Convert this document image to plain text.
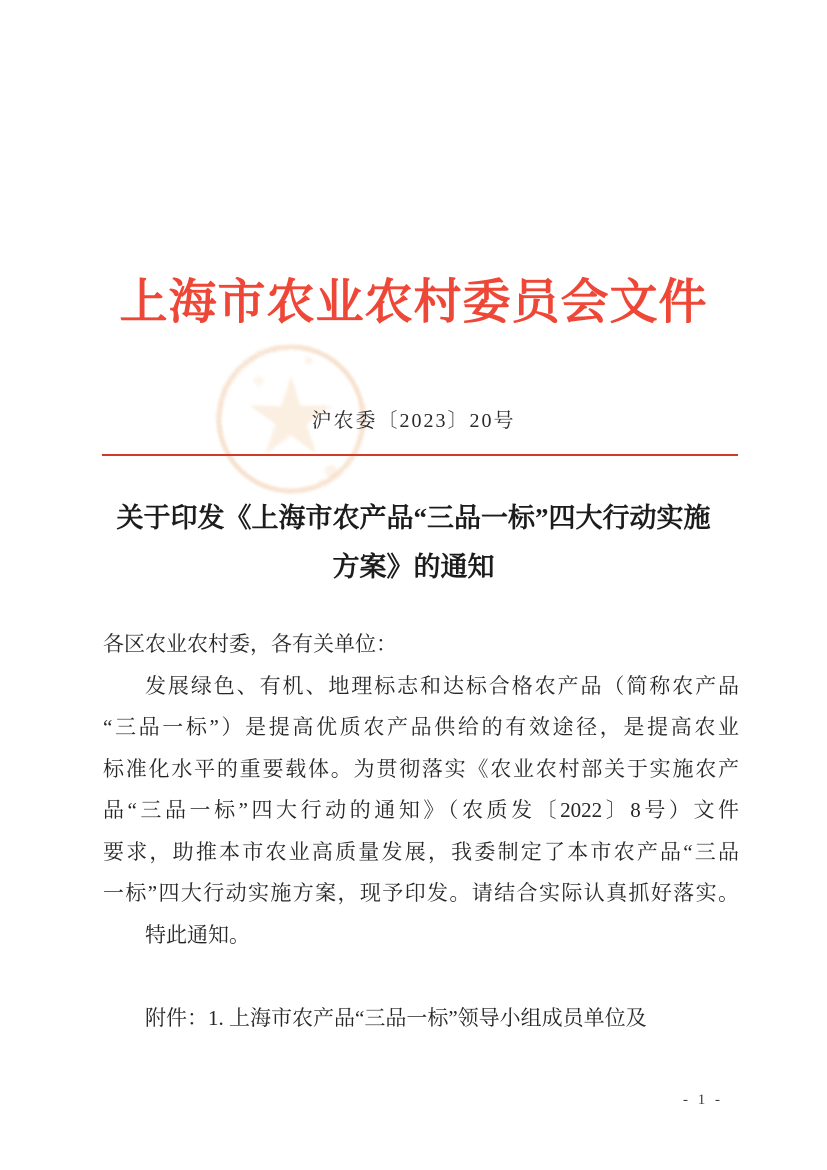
上海市农业农村委员会文件
沪农委〔2023〕20号
关于印发《上海市农产品“三品一标”四大行动实施
方案》的通知
各区农业农村委，各有关单位：
发展绿色、有机、地理标志和达标合格农产品（简称农产品
“三品一标”）是提高优质农产品供给的有效途径，是提高农业
标准化水平的重要载体。为贯彻落实《农业农村部关于实施农产
品“三品一标”四大行动的通知》（农质发〔2022〕8号）文件
要求，助推本市农业高质量发展，我委制定了本市农产品“三品
一标”四大行动实施方案，现予印发。请结合实际认真抓好落实。
特此通知。
附件：1. 上海市农产品“三品一标”领导小组成员单位及
- 1 -
